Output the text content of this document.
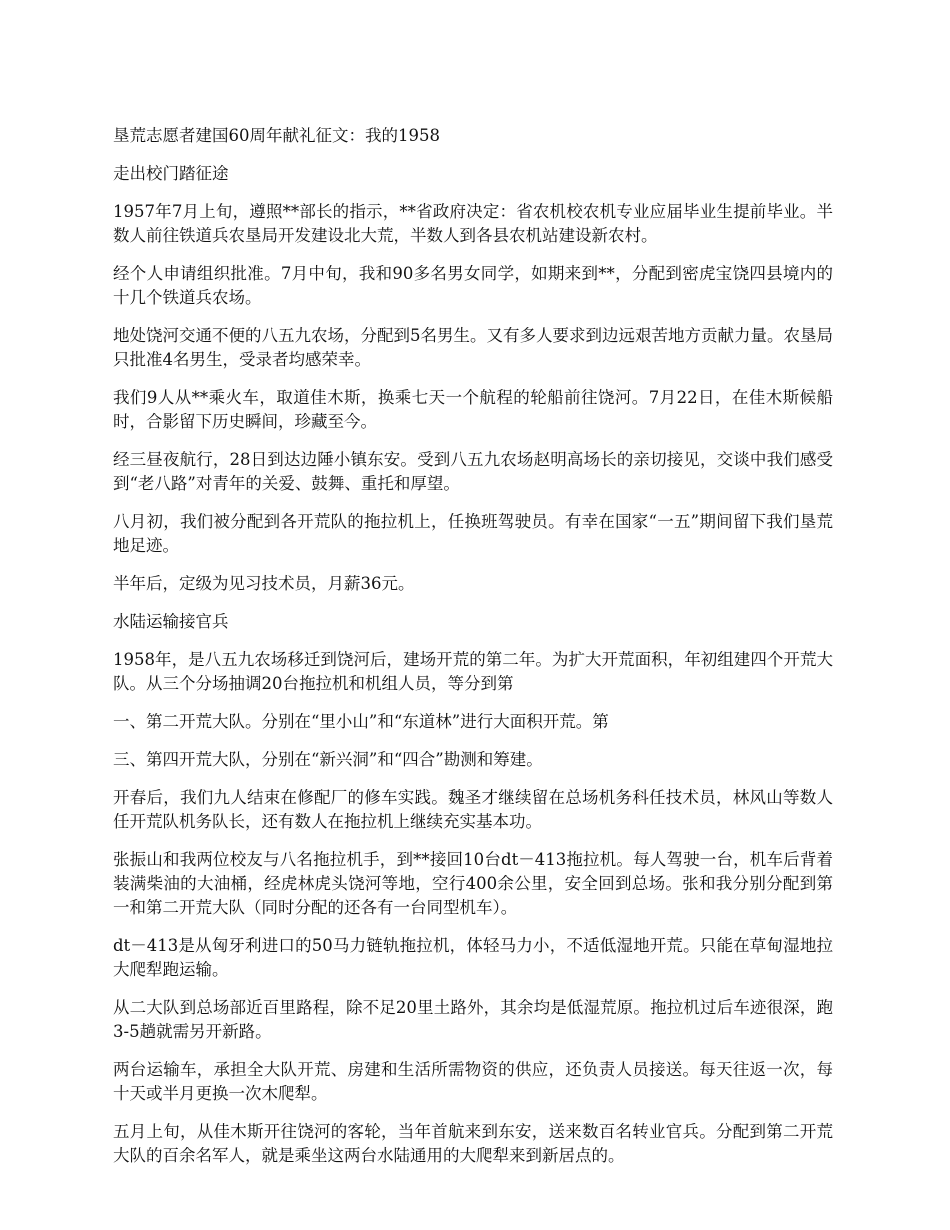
垦荒志愿者建国60周年献礼征文：我的1958

走出校门踏征途

1957年7月上旬，遵照**部长的指示，**省政府决定：省农机校农机专业应届毕业生提前毕业。半数人前往铁道兵农垦局开发建设北大荒，半数人到各县农机站建设新农村。

经个人申请组织批准。7月中旬，我和90多名男女同学，如期来到**，分配到密虎宝饶四县境内的十几个铁道兵农场。

地处饶河交通不便的八五九农场，分配到5名男生。又有多人要求到边远艰苦地方贡献力量。农垦局只批准4名男生，受录者均感荣幸。

我们9人从**乘火车，取道佳木斯，换乘七天一个航程的轮船前往饶河。7月22日，在佳木斯候船时，合影留下历史瞬间，珍藏至今。

经三昼夜航行，28日到达边陲小镇东安。受到八五九农场赵明高场长的亲切接见，交谈中我们感受到“老八路”对青年的关爱、鼓舞、重托和厚望。

八月初，我们被分配到各开荒队的拖拉机上，任换班驾驶员。有幸在国家“一五”期间留下我们垦荒地足迹。

半年后，定级为见习技术员，月薪36元。

水陆运输接官兵

1958年，是八五九农场移迁到饶河后，建场开荒的第二年。为扩大开荒面积，年初组建四个开荒大队。从三个分场抽调20台拖拉机和机组人员，等分到第

一、第二开荒大队。分别在“里小山”和“东道林”进行大面积开荒。第

三、第四开荒大队，分别在“新兴洞”和“四合”勘测和筹建。

开春后，我们九人结束在修配厂的修车实践。魏圣才继续留在总场机务科任技术员，林风山等数人任开荒队机务队长，还有数人在拖拉机上继续充实基本功。

张振山和我两位校友与八名拖拉机手，到**接回10台dt－413拖拉机。每人驾驶一台，机车后背着装满柴油的大油桶，经虎林虎头饶河等地，空行400余公里，安全回到总场。张和我分别分配到第一和第二开荒大队（同时分配的还各有一台同型机车）。

dt－413是从匈牙利进口的50马力链轨拖拉机，体轻马力小，不适低湿地开荒。只能在草甸湿地拉大爬犁跑运输。

从二大队到总场部近百里路程，除不足20里土路外，其余均是低湿荒原。拖拉机过后车迹很深，跑3-5趟就需另开新路。

两台运输车，承担全大队开荒、房建和生活所需物资的供应，还负责人员接送。每天往返一次，每十天或半月更换一次木爬犁。

五月上旬，从佳木斯开往饶河的客轮，当年首航来到东安，送来数百名转业官兵。分配到第二开荒大队的百余名军人，就是乘坐这两台水陆通用的大爬犁来到新居点的。
